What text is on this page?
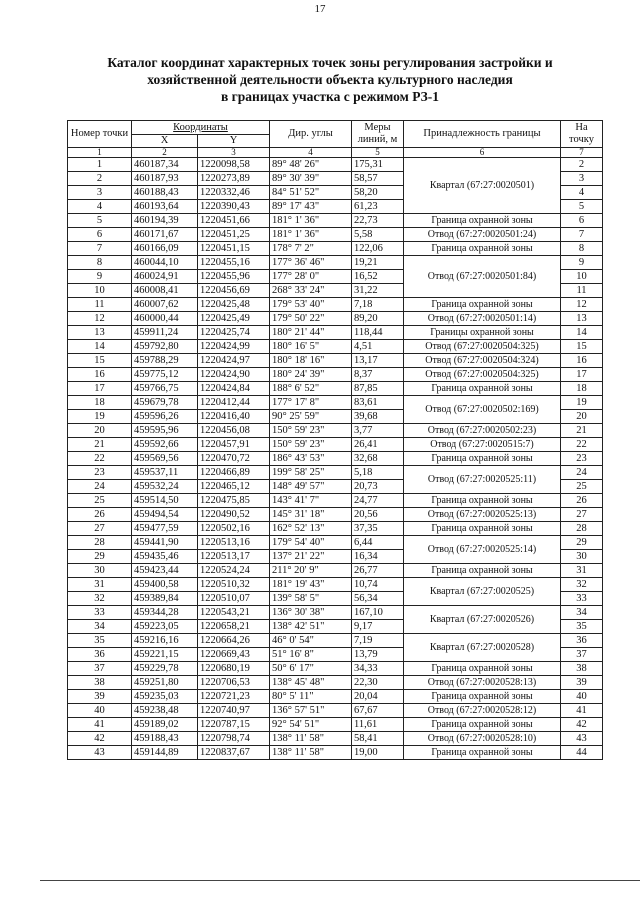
17
Каталог координат характерных точек зоны регулирования застройки и
хозяйственной деятельности объекта культурного наследия
в границах участка с режимом РЗ-1
Номер точки	Координаты		Дир. углы	Меры линий, м	Принадлежность границы	На точку
	X	Y				
1	2	3	4	5	6	7
1	460187,34	1220098,58	89° 48' 26"	175,31	Квартал (67:27:0020501)	2
2	460187,93	1220273,89	89° 30' 39"	58,57		3
3	460188,43	1220332,46	84° 51' 52"	58,20		4
4	460193,64	1220390,43	89° 17' 43"	61,23		5
5	460194,39	1220451,66	181° 1' 36"	22,73	Граница охранной зоны	6
6	460171,67	1220451,25	181° 1' 36"	5,58	Отвод (67:27:0020501:24)	7
7	460166,09	1220451,15	178° 7' 2"	122,06	Граница охранной зоны	8
8	460044,10	1220455,16	177° 36' 46"	19,21	Отвод (67:27:0020501:84)	9
9	460024,91	1220455,96	177° 28' 0"	16,52		10
10	460008,41	1220456,69	268° 33' 24"	31,22		11
11	460007,62	1220425,48	179° 53' 40"	7,18	Граница охранной зоны	12
12	460000,44	1220425,49	179° 50' 22"	89,20	Отвод (67:27:0020501:14)	13
13	459911,24	1220425,74	180° 21' 44"	118,44	Границы охранной зоны	14
14	459792,80	1220424,99	180° 16' 5"	4,51	Отвод (67:27:0020504:325)	15
15	459788,29	1220424,97	180° 18' 16"	13,17	Отвод (67:27:0020504:324)	16
16	459775,12	1220424,90	180° 24' 39"	8,37	Отвод (67:27:0020504:325)	17
17	459766,75	1220424,84	188° 6' 52"	87,85	Граница охранной зоны	18
18	459679,78	1220412,44	177° 17' 8"	83,61	Отвод (67:27:0020502:169)	19
19	459596,26	1220416,40	90° 25' 59"	39,68		20
20	459595,96	1220456,08	150° 59' 23"	3,77	Отвод (67:27:0020502:23)	21
21	459592,66	1220457,91	150° 59' 23"	26,41	Отвод (67:27:0020515:7)	22
22	459569,56	1220470,72	186° 43' 53"	32,68	Граница охранной зоны	23
23	459537,11	1220466,89	199° 58' 25"	5,18	Отвод (67:27:0020525:11)	24
24	459532,24	1220465,12	148° 49' 57"	20,73		25
25	459514,50	1220475,85	143° 41' 7"	24,77	Граница охранной зоны	26
26	459494,54	1220490,52	145° 31' 18"	20,56	Отвод (67:27:0020525:13)	27
27	459477,59	1220502,16	162° 52' 13"	37,35	Граница охранной зоны	28
28	459441,90	1220513,16	179° 54' 40"	6,44	Отвод (67:27:0020525:14)	29
29	459435,46	1220513,17	137° 21' 22"	16,34		30
30	459423,44	1220524,24	211° 20' 9"	26,77	Граница охранной зоны	31
31	459400,58	1220510,32	181° 19' 43"	10,74	Квартал (67:27:0020525)	32
32	459389,84	1220510,07	139° 58' 5"	56,34		33
33	459344,28	1220543,21	136° 30' 38"	167,10	Квартал (67:27:0020526)	34
34	459223,05	1220658,21	138° 42' 51"	9,17		35
35	459216,16	1220664,26	46° 0' 54"	7,19	Квартал (67:27:0020528)	36
36	459221,15	1220669,43	51° 16' 8"	13,79		37
37	459229,78	1220680,19	50° 6' 17"	34,33	Граница охранной зоны	38
38	459251,80	1220706,53	138° 45' 48"	22,30	Отвод (67:27:0020528:13)	39
39	459235,03	1220721,23	80° 5' 11"	20,04	Граница охранной зоны	40
40	459238,48	1220740,97	136° 57' 51"	67,67	Отвод (67:27:0020528:12)	41
41	459189,02	1220787,15	92° 54' 51"	11,61	Граница охранной зоны	42
42	459188,43	1220798,74	138° 11' 58"	58,41	Отвод (67:27:0020528:10)	43
43	459144,89	1220837,67	138° 11' 58"	19,00	Граница охранной зоны	44
